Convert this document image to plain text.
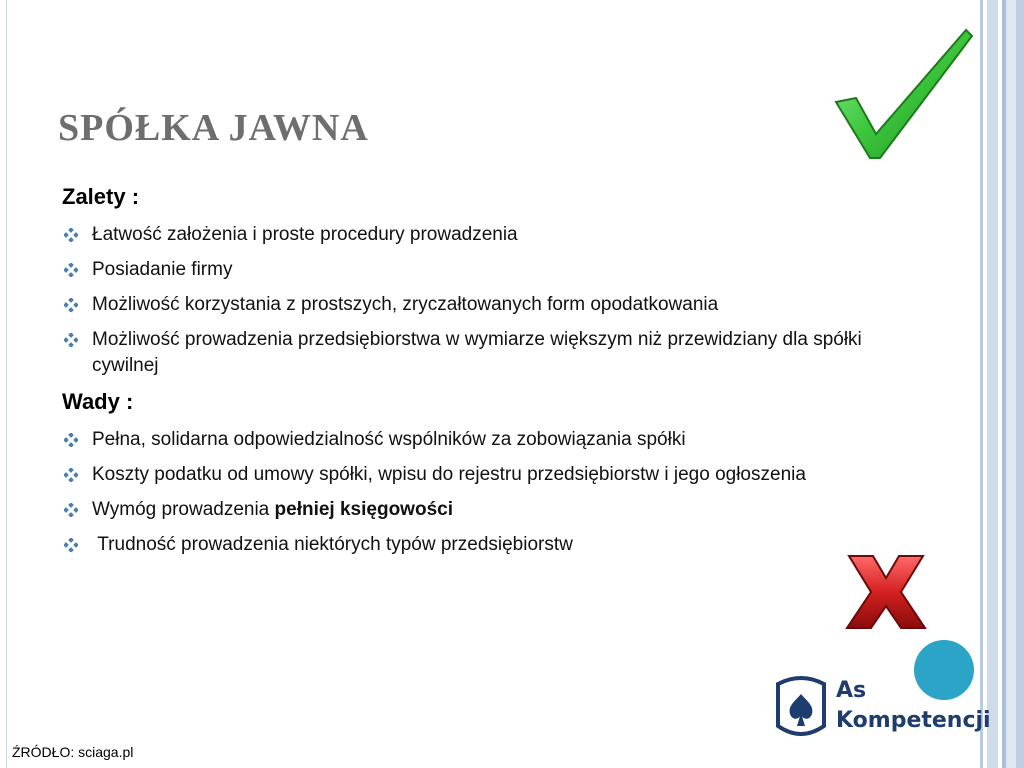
SPÓŁKA JAWNA

Zalety :

Łatwość założenia i proste procedury prowadzenia
Posiadanie firmy
Możliwość korzystania z prostszych, zryczałtowanych form opodatkowania
Możliwość prowadzenia przedsiębiorstwa w wymiarze większym niż przewidziany dla spółki cywilnej

Wady :

Pełna, solidarna odpowiedzialność wspólników za zobowiązania spółki
Koszty podatku od umowy spółki, wpisu do rejestru przedsiębiorstw i jego ogłoszenia
Wymóg prowadzenia pełniej księgowości
Trudność prowadzenia niektórych typów przedsiębiorstw
As
Kompetencji
ŹRÓDŁO: sciaga.pl
